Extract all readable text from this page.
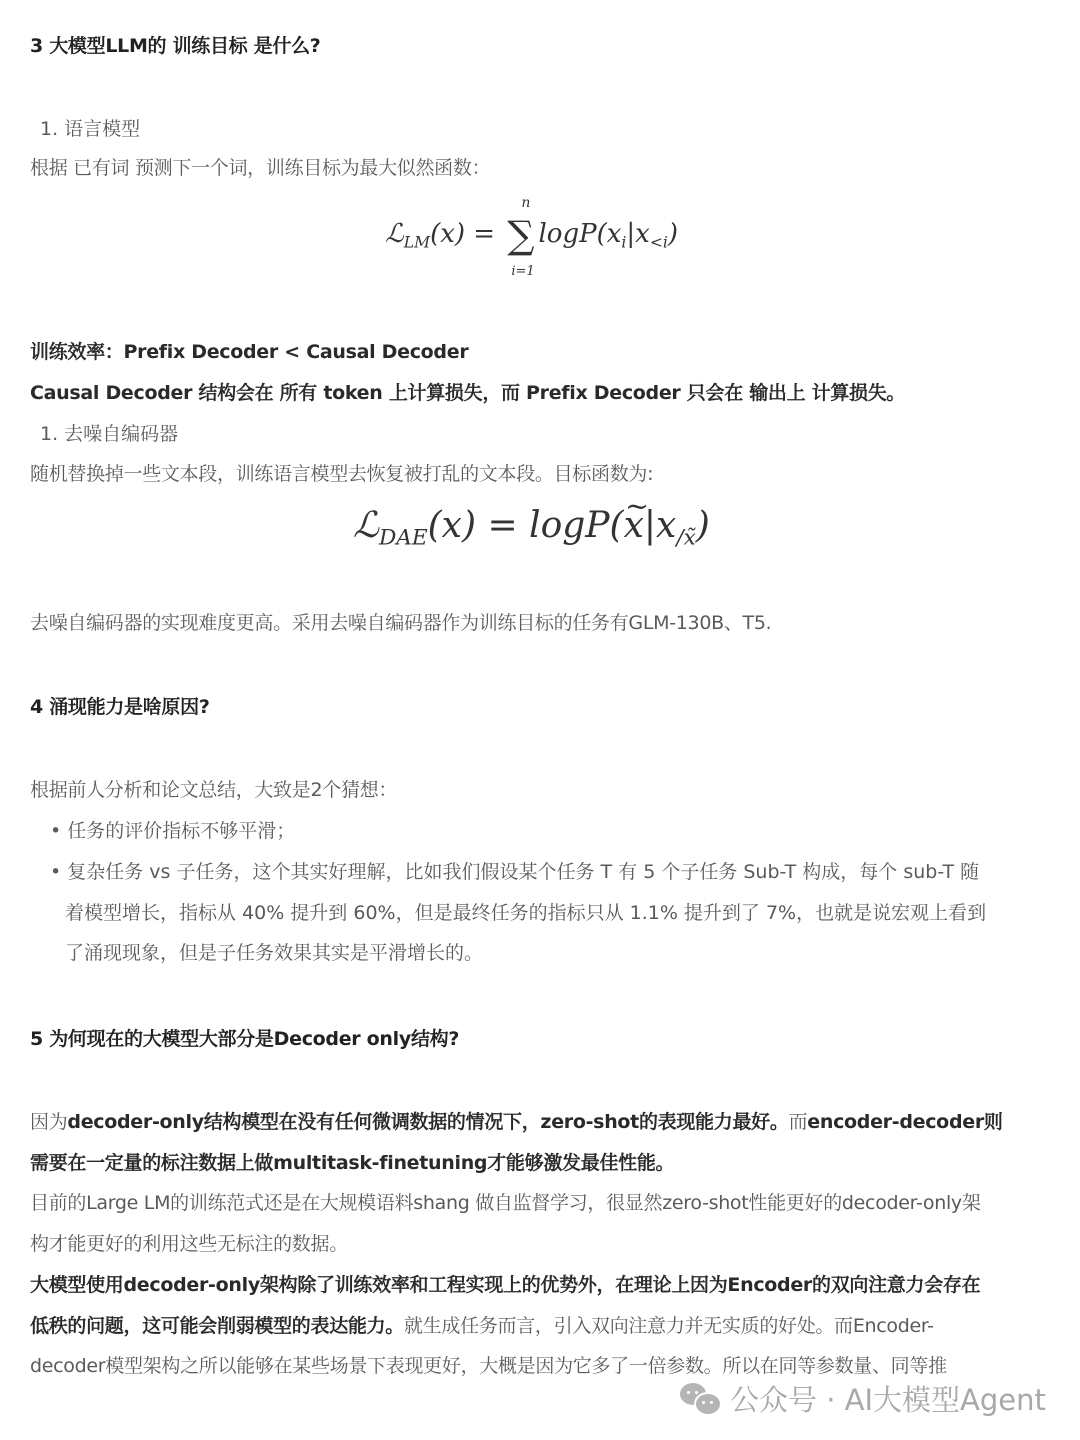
3 大模型LLM的 训练目标 是什么?
1. 语言模型
根据 已有词 预测下一个词，训练目标为最大似然函数：
ℒ$_{LM}$(x) = ∑
n
i=1
$\log P(x_i|x_{<i})$
训练效率：Prefix Decoder < Causal Decoder
Causal Decoder 结构会在 所有 token 上计算损失，而 Prefix Decoder 只会在 输出上 计算损失。
1. 去噪自编码器
随机替换掉一些文本段，训练语言模型去恢复被打乱的文本段。目标函数为:
ℒ$_{DAE}$(x) = logP(~ $x|x_{/x̃}$)
去噪自编码器的实现难度更高。采用去噪自编码器作为训练目标的任务有GLM-130B、T5.
4 涌现能力是啥原因?
根据前人分析和论文总结，大致是2个猜想：
• 任务的评价指标不够平滑；
• 复杂任务 vs 子任务，这个其实好理解，比如我们假设某个任务 T 有 5 个子任务 Sub-T 构成，每个 sub-T 随
着模型增长，指标从 40% 提升到 60%，但是最终任务的指标只从 1.1% 提升到了 7%，也就是说宏观上看到
了涌现现象，但是子任务效果其实是平滑增长的。
5 为何现在的大模型大部分是Decoder only结构?
因为decoder-only结构模型在没有任何微调数据的情况下，zero-shot的表现能力最好。而encoder-decoder则
需要在一定量的标注数据上做multitask-finetuning才能够激发最佳性能。
目前的Large LM的训练范式还是在大规模语料shang 做自监督学习，很显然zero-shot性能更好的decoder-only架
构才能更好的利用这些无标注的数据。
大模型使用decoder-only架构除了训练效率和工程实现上的优势外，在理论上因为Encoder的双向注意力会存在
低秩的问题，这可能会削弱模型的表达能力。就生成任务而言，引入双向注意力并无实质的好处。而Encoder-
decoder模型架构之所以能够在某些场景下表现更好，大概是因为它多了一倍参数。所以在同等参数量、同等推
公众号 · AI大模型Agent
